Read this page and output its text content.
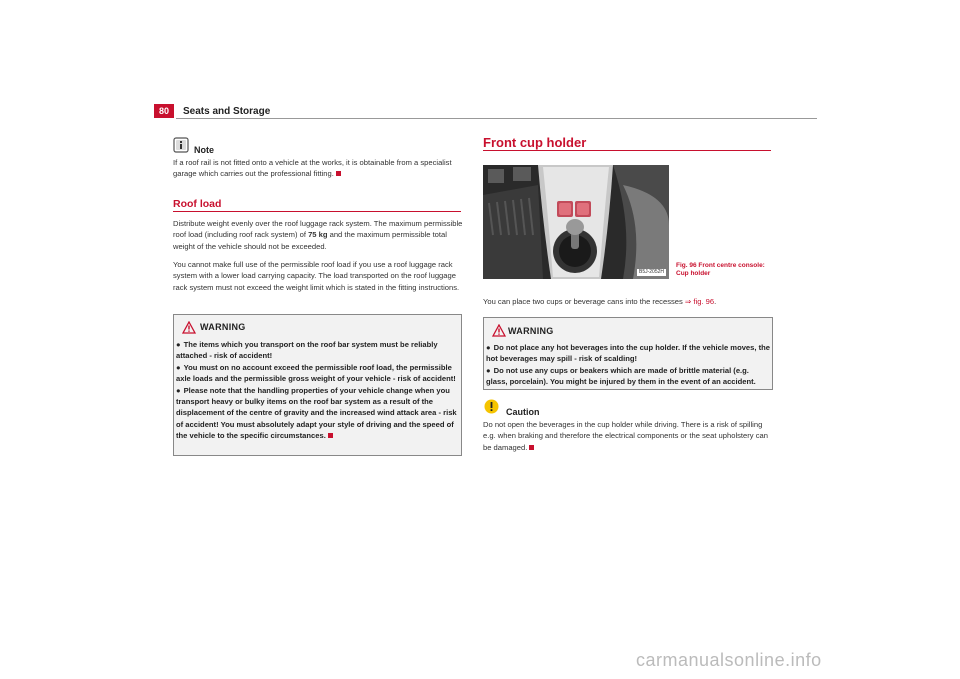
80	Seats and Storage
Note
If a roof rail is not fitted onto a vehicle at the works, it is obtainable from a specialist garage which carries out the professional fitting.
Roof load
Distribute weight evenly over the roof luggage rack system. The maximum permissible roof load (including roof rack system) of 75 kg and the maximum permissible total weight of the vehicle should not be exceeded.
You cannot make full use of the permissible roof load if you use a roof luggage rack system with a lower load carrying capacity. The load transported on the roof luggage rack system must not exceed the weight limit which is stated in the fitting instructions.
WARNING
● The items which you transport on the roof bar system must be reliably attached - risk of accident!
● You must on no account exceed the permissible roof load, the permissible axle loads and the permissible gross weight of your vehicle - risk of accident!
● Please note that the handling properties of your vehicle change when you transport heavy or bulky items on the roof bar system as a result of the displacement of the centre of gravity and the increased wind attack area - risk of accident! You must absolutely adapt your style of driving and the speed of the vehicle to the specific circumstances.
Front cup holder
B5J-2052H
Fig. 96 Front centre console:
Cup holder
You can place two cups or beverage cans into the recesses ⇒ fig. 96.
WARNING
● Do not place any hot beverages into the cup holder. If the vehicle moves, the hot beverages may spill - risk of scalding!
● Do not use any cups or beakers which are made of brittle material (e.g. glass, porcelain). You might be injured by them in the event of an accident.
Caution
Do not open the beverages in the cup holder while driving. There is a risk of spilling e.g. when braking and therefore the electrical components or the seat upholstery can be damaged.
carmanualsonline.info
